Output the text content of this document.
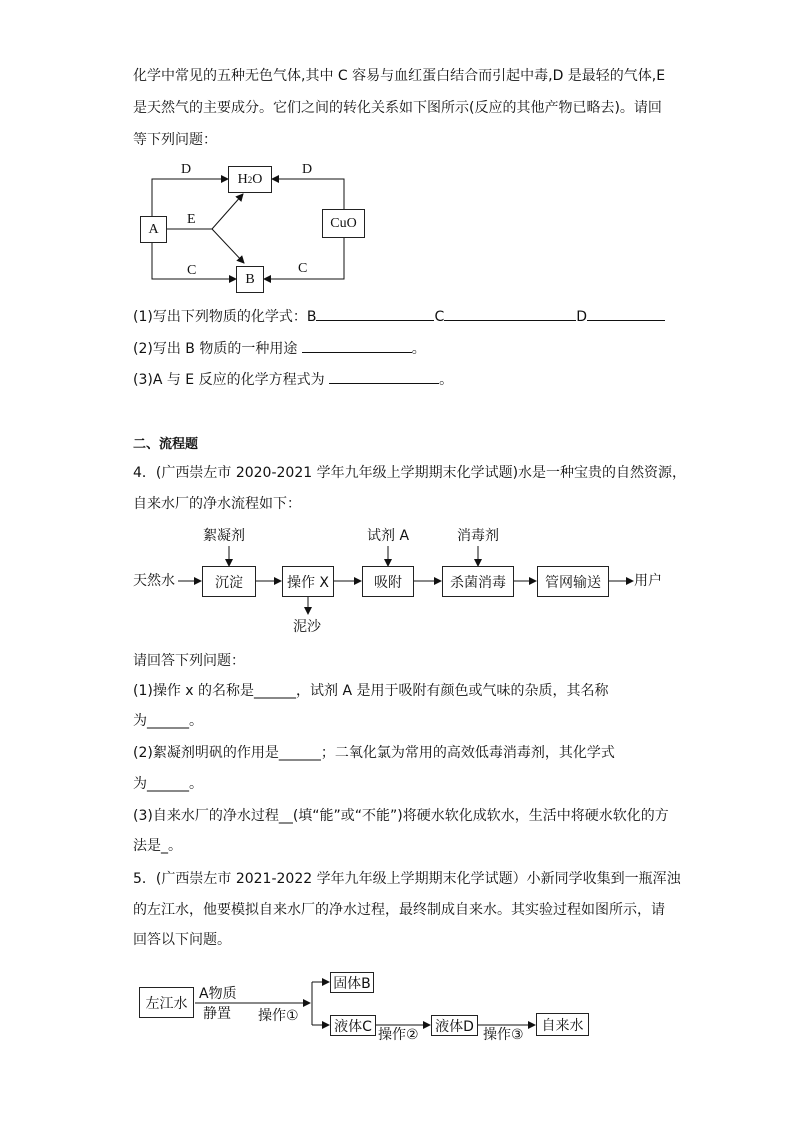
化学中常见的五种无色气体,其中 C 容易与血红蛋白结合而引起中毒,D 是最轻的气体,E
是天然气的主要成分。它们之间的转化关系如下图所示(反应的其他产物已略去)。请回
等下列问题：
A
H 2 O
B
CuO
D	D
E
C	C
(1)写出下列物质的化学式：B	C	D
(2)写出 B 物质的一种用途	。
(3)A 与 E 反应的化学方程式为	。
二、流程题
4．(广西崇左市 2020-2021 学年九年级上学期期末化学试题)水是一种宝贵的自然资源，
自来水厂的净水流程如下：
天然水	沉淀	操作 X	吸附	杀菌消毒	管网输送	用户
絮凝剂	试剂 A	消毒剂
泥沙
请回答下列问题：
(1)操作 x 的名称是______，试剂 A 是用于吸附有颜色或气味的杂质，其名称
为______。
(2)絮凝剂明矾的作用是______；二氧化氯为常用的高效低毒消毒剂，其化学式
为______。
(3)自来水厂的净水过程__(填“能”或“不能”)将硬水软化成软水，生活中将硬水软化的方
法是_。
5．(广西崇左市 2021-2022 学年九年级上学期期末化学试题）小新同学收集到一瓶浑浊
的左江水，他要模拟自来水厂的净水过程，最终制成自来水。其实验过程如图所示，请
回答以下问题。
左江水
A物质
静置 操作①
固体B
液体C
操作②
液体D
操作③
自来水
